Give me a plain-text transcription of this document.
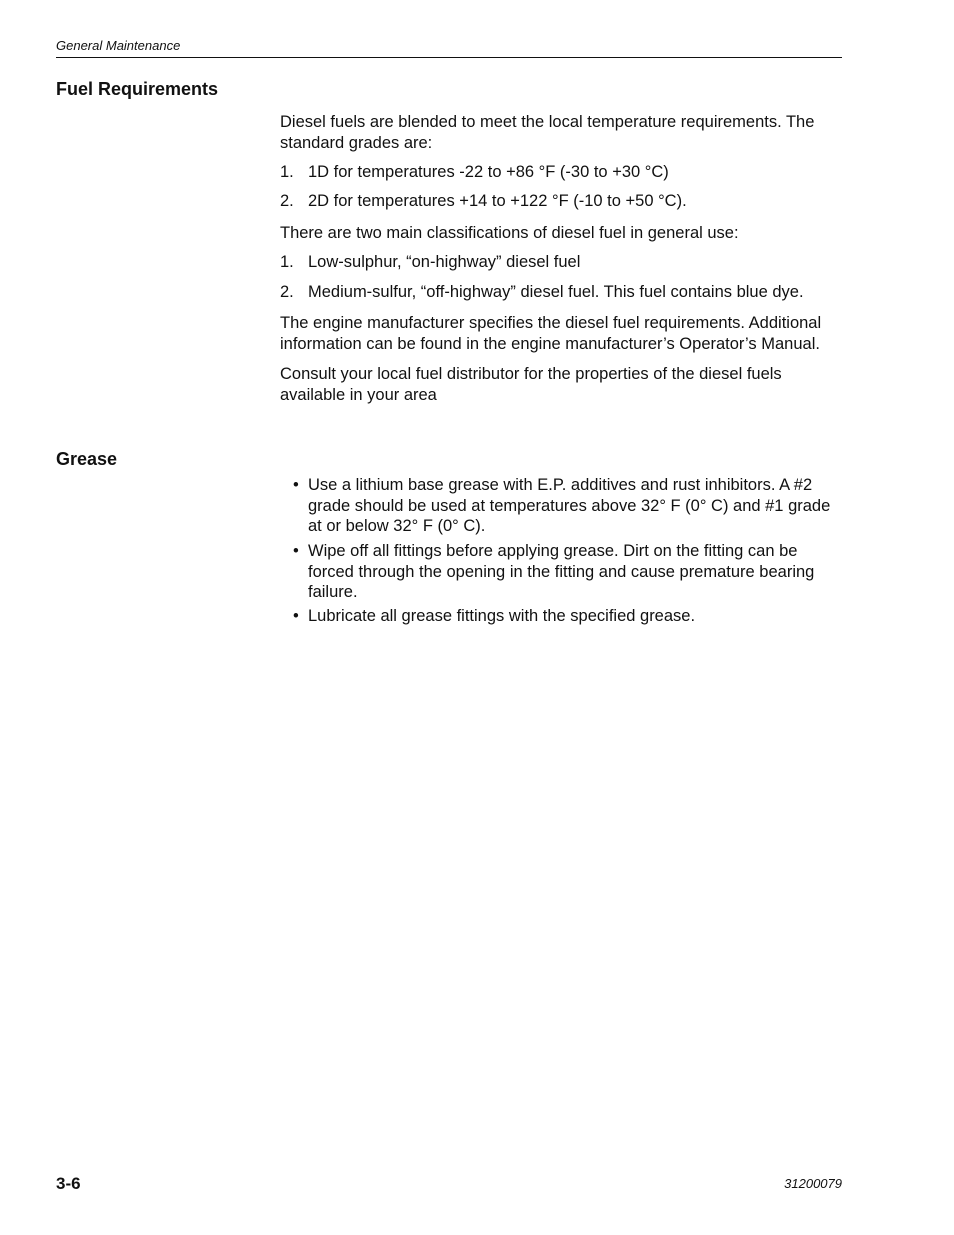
General Maintenance
Fuel Requirements

Diesel fuels are blended to meet the local temperature requirements. The standard grades are:

1. 1D for temperatures -22 to +86 °F (-30 to +30 °C)
2. 2D for temperatures +14 to +122 °F (-10 to +50 °C).

There are two main classifications of diesel fuel in general use:

1. Low-sulphur, “on-highway” diesel fuel
2. Medium-sulfur, “off-highway” diesel fuel. This fuel contains blue dye.

The engine manufacturer specifies the diesel fuel requirements. Additional information can be found in the engine manufacturer’s Operator’s Manual.

Consult your local fuel distributor for the properties of the diesel fuels available in your area

Grease
• Use a lithium base grease with E.P. additives and rust inhibitors. A #2 grade should be used at temperatures above 32° F (0° C) and #1 grade at or below 32° F (0° C).
• Wipe off all fittings before applying grease. Dirt on the fitting can be forced through the opening in the fitting and cause premature bearing failure.
• Lubricate all grease fittings with the specified grease.
3-6	31200079
